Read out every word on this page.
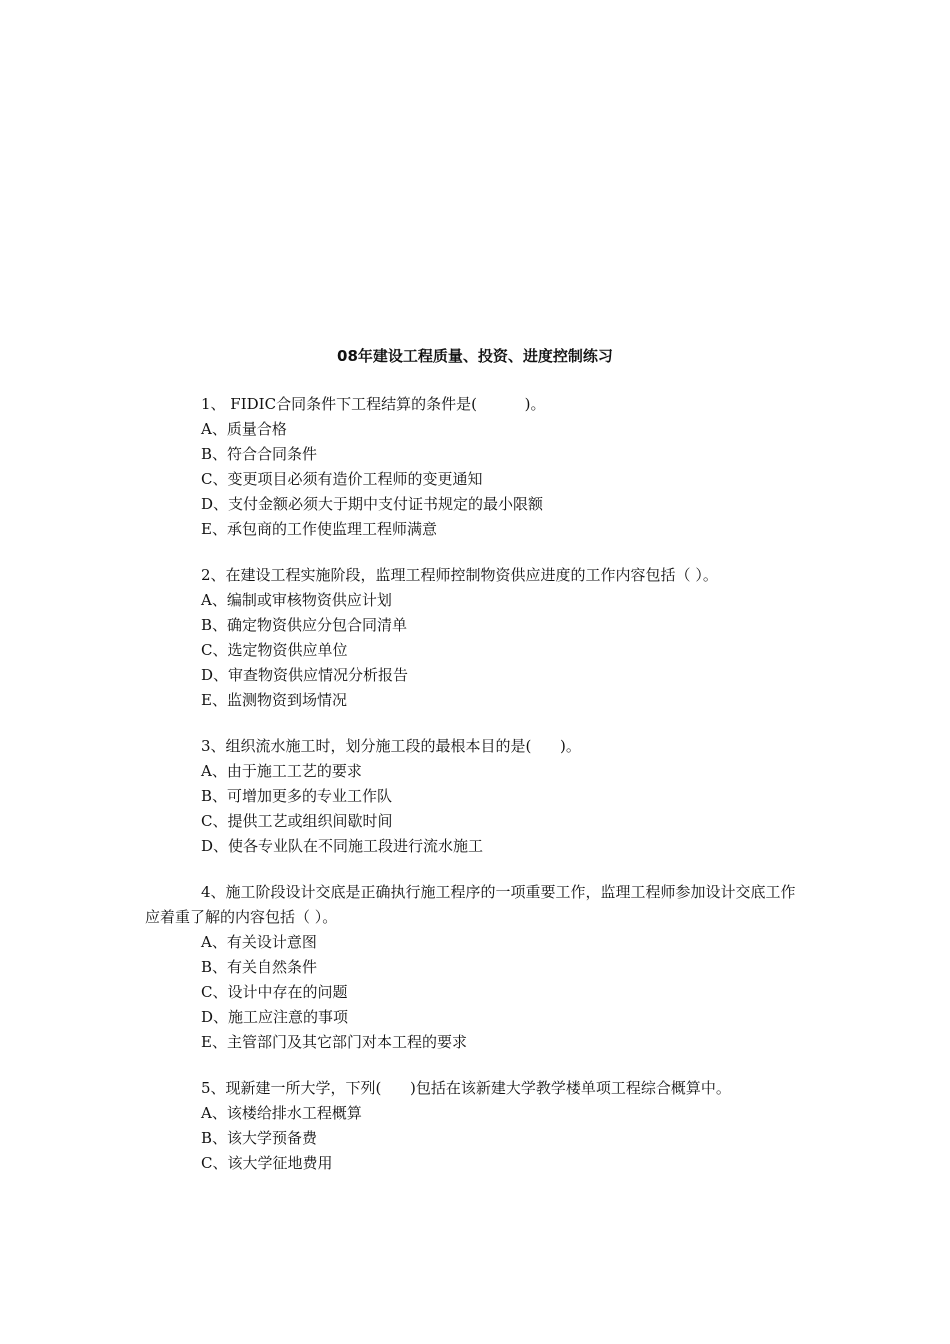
08年建设工程质量、投资、进度控制练习

1、 FIDIC合同条件下工程结算的条件是(          )。

A、质量合格

B、符合合同条件

C、变更项目必须有造价工程师的变更通知

D、支付金额必须大于期中支付证书规定的最小限额

E、承包商的工作使监理工程师满意

2、在建设工程实施阶段，监理工程师控制物资供应进度的工作内容包括（ ）。

A、编制或审核物资供应计划

B、确定物资供应分包合同清单

C、选定物资供应单位

D、审查物资供应情况分析报告

E、监测物资到场情况

3、组织流水施工时，划分施工段的最根本目的是(      )。

A、由于施工工艺的要求

B、可增加更多的专业工作队

C、提供工艺或组织间歇时间

D、使各专业队在不同施工段进行流水施工

4、施工阶段设计交底是正确执行施工程序的一项重要工作，监理工程师参加设计交底工作应着重了解的内容包括（ ）。

A、有关设计意图

B、有关自然条件

C、设计中存在的问题

D、施工应注意的事项

E、主管部门及其它部门对本工程的要求

5、现新建一所大学，下列(      )包括在该新建大学教学楼单项工程综合概算中。

A、该楼给排水工程概算

B、该大学预备费

C、该大学征地费用
